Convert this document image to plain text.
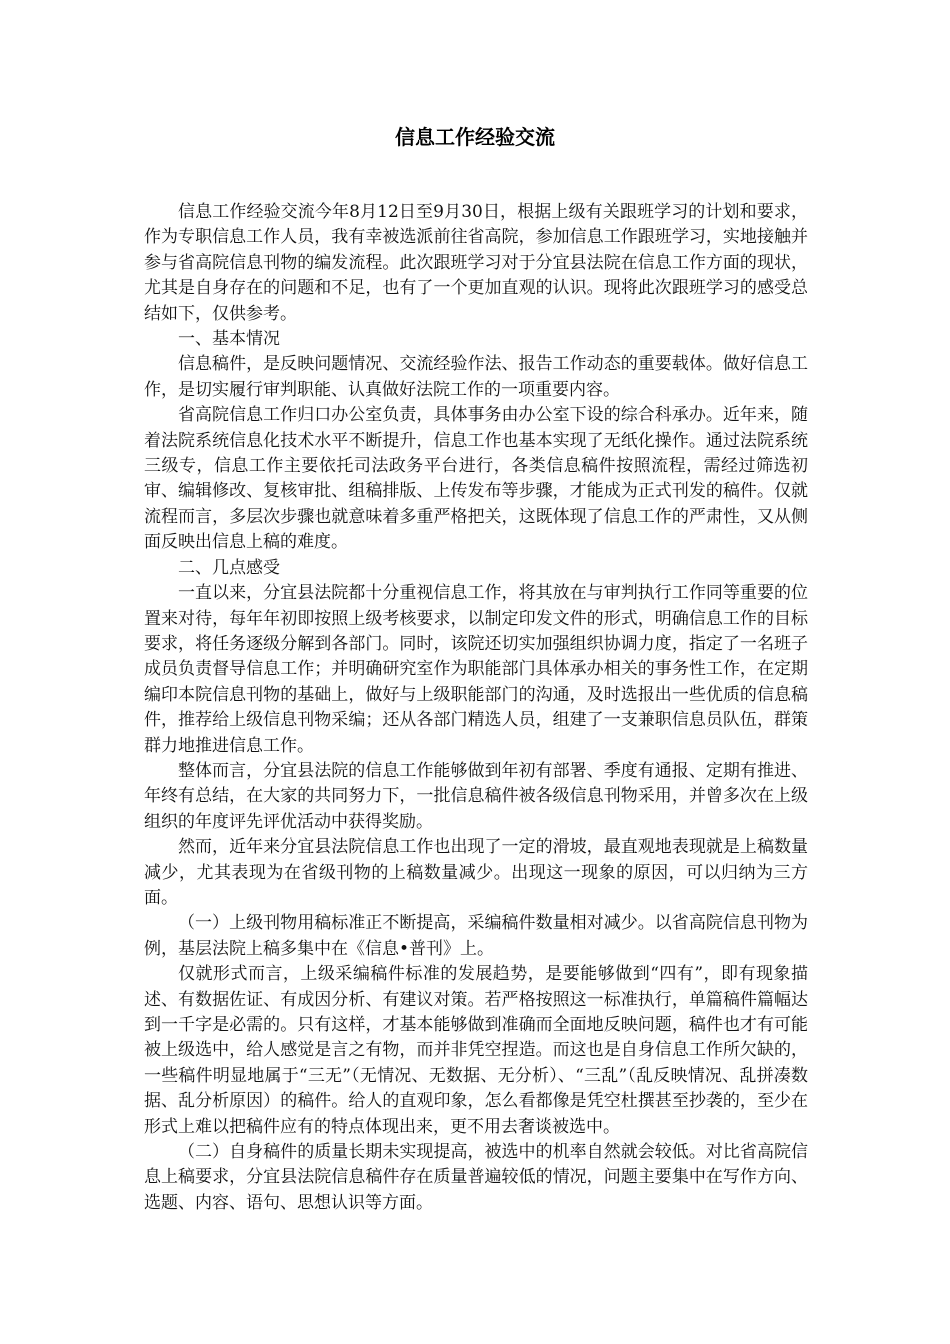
信息工作经验交流

信息工作经验交流今年8月12日至9月30日，根据上级有关跟班学习的计划和要求，作为专职信息工作人员，我有幸被选派前往省高院，参加信息工作跟班学习，实地接触并参与省高院信息刊物的编发流程。此次跟班学习对于分宜县法院在信息工作方面的现状，尤其是自身存在的问题和不足，也有了一个更加直观的认识。现将此次跟班学习的感受总结如下，仅供参考。

一、基本情况

信息稿件，是反映问题情况、交流经验作法、报告工作动态的重要载体。做好信息工作，是切实履行审判职能、认真做好法院工作的一项重要内容。

省高院信息工作归口办公室负责，具体事务由办公室下设的综合科承办。近年来，随着法院系统信息化技术水平不断提升，信息工作也基本实现了无纸化操作。通过法院系统三级专，信息工作主要依托司法政务平台进行，各类信息稿件按照流程，需经过筛选初审、编辑修改、复核审批、组稿排版、上传发布等步骤，才能成为正式刊发的稿件。仅就流程而言，多层次步骤也就意味着多重严格把关，这既体现了信息工作的严肃性，又从侧面反映出信息上稿的难度。

二、几点感受

一直以来，分宜县法院都十分重视信息工作，将其放在与审判执行工作同等重要的位置来对待，每年年初即按照上级考核要求，以制定印发文件的形式，明确信息工作的目标要求，将任务逐级分解到各部门。同时，该院还切实加强组织协调力度，指定了一名班子成员负责督导信息工作；并明确研究室作为职能部门具体承办相关的事务性工作，在定期编印本院信息刊物的基础上，做好与上级职能部门的沟通，及时选报出一些优质的信息稿件，推荐给上级信息刊物采编；还从各部门精选人员，组建了一支兼职信息员队伍，群策群力地推进信息工作。

整体而言，分宜县法院的信息工作能够做到年初有部署、季度有通报、定期有推进、年终有总结，在大家的共同努力下，一批信息稿件被各级信息刊物采用，并曾多次在上级组织的年度评先评优活动中获得奖励。

然而，近年来分宜县法院信息工作也出现了一定的滑坡，最直观地表现就是上稿数量减少，尤其表现为在省级刊物的上稿数量减少。出现这一现象的原因，可以归纳为三方面。

（一）上级刊物用稿标准正不断提高，采编稿件数量相对减少。以省高院信息刊物为例，基层法院上稿多集中在《信息•普刊》上。

仅就形式而言，上级采编稿件标准的发展趋势，是要能够做到“四有”，即有现象描述、有数据佐证、有成因分析、有建议对策。若严格按照这一标准执行，单篇稿件篇幅达到一千字是必需的。只有这样，才基本能够做到准确而全面地反映问题，稿件也才有可能被上级选中，给人感觉是言之有物，而并非凭空捏造。而这也是自身信息工作所欠缺的，一些稿件明显地属于“三无”（无情况、无数据、无分析）、“三乱”（乱反映情况、乱拼凑数据、乱分析原因）的稿件。给人的直观印象，怎么看都像是凭空杜撰甚至抄袭的，至少在形式上难以把稿件应有的特点体现出来，更不用去奢谈被选中。

（二）自身稿件的质量长期未实现提高，被选中的机率自然就会较低。对比省高院信息上稿要求，分宜县法院信息稿件存在质量普遍较低的情况，问题主要集中在写作方向、选题、内容、语句、思想认识等方面。
